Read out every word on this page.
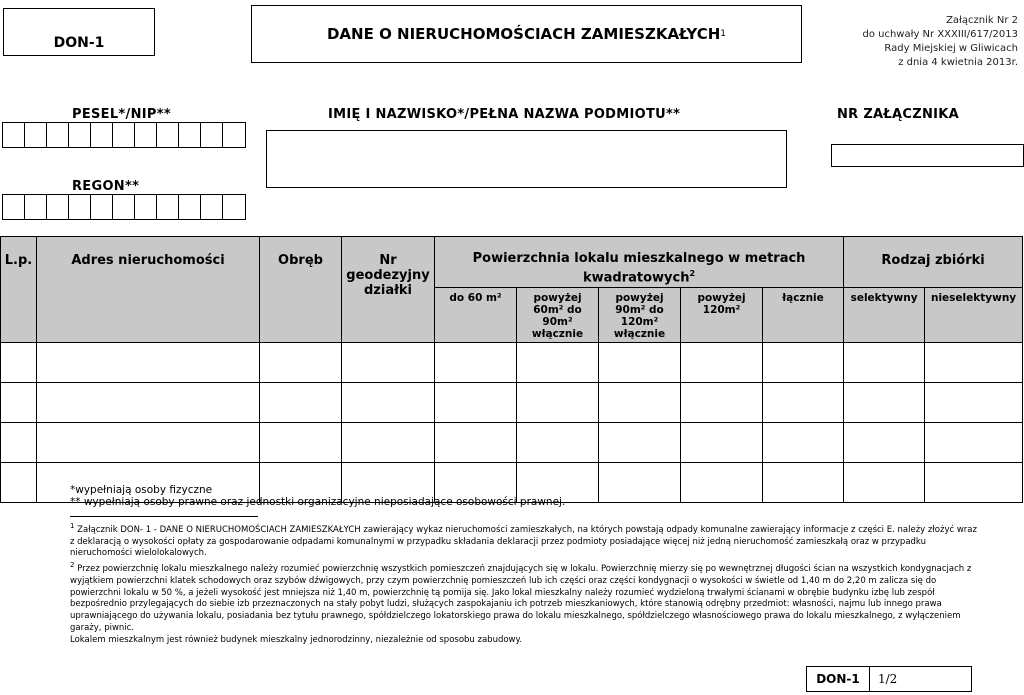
DON-1	DANE O NIERUCHOMOŚCIACH ZAMIESZKAŁYCH 1
Załącznik Nr 2
do uchwały Nr XXXIII/617/2013
Rady Miejskiej w Gliwicach
z dnia 4 kwietnia 2013r.
PESEL*/NIP**
REGON**
IMIĘ I NAZWISKO*/PEŁNA NAZWA PODMIOTU**	NR ZAŁĄCZNIKA
L.p.	Adres nieruchomości	Obręb	Nr geodezyjny działki	Powierzchnia lokalu mieszkalnego w metrach kwadratowych$^2$					Rodzaj zbiórki	
				do 60 m²	powyżej 60m² do 90m² włącznie	powyżej 90m² do 120m² włącznie	powyżej 120m²	łącznie	selektywny	nieselektywny

*wypełniają osoby fizyczne
** wypełniają osoby prawne oraz jednostki organizacyjne nieposiadające osobowości prawnej.

$^1$ Załącznik DON- 1 - DANE O NIERUCHOMOŚCIACH ZAMIESZKAŁYCH zawierający wykaz nieruchomości zamieszkałych, na których powstają odpady komunalne zawierający informacje z części E. należy złożyć wraz z deklaracją o wysokości opłaty za gospodarowanie odpadami komunalnymi w przypadku składania deklaracji przez podmioty posiadające więcej niż jedną nieruchomość zamieszkałą oraz w przypadku nieruchomości wielolokalowych.

$^2$ Przez powierzchnię lokalu mieszkalnego należy rozumieć powierzchnię wszystkich pomieszczeń znajdujących się w lokalu. Powierzchnię mierzy się po wewnętrznej długości ścian na wszystkich kondygnacjach z wyjątkiem powierzchni klatek schodowych oraz szybów dźwigowych, przy czym powierzchnię pomieszczeń lub ich części oraz części kondygnacji o wysokości w świetle od 1,40 m do 2,20 m zalicza się do powierzchni lokalu w 50 %, a jeżeli wysokość jest mniejsza niż 1,40 m, powierzchnię tą pomija się. Jako lokal mieszkalny należy rozumieć wydzieloną trwałymi ścianami w obrębie budynku izbę lub zespół bezpośrednio przylegających do siebie izb przeznaczonych na stały pobyt ludzi, służących zaspokajaniu ich potrzeb mieszkaniowych, które stanowią odrębny przedmiot: własności, najmu lub innego prawa uprawniającego do używania lokalu, posiadania bez tytułu prawnego, spółdzielczego lokatorskiego prawa do lokalu mieszkalnego, spółdzielczego własnościowego prawa do lokalu mieszkalnego, z wyłączeniem garaży, piwnic.

Lokalem mieszkalnym jest również budynek mieszkalny jednorodzinny, niezależnie od sposobu zabudowy.

DON-1	1/2
